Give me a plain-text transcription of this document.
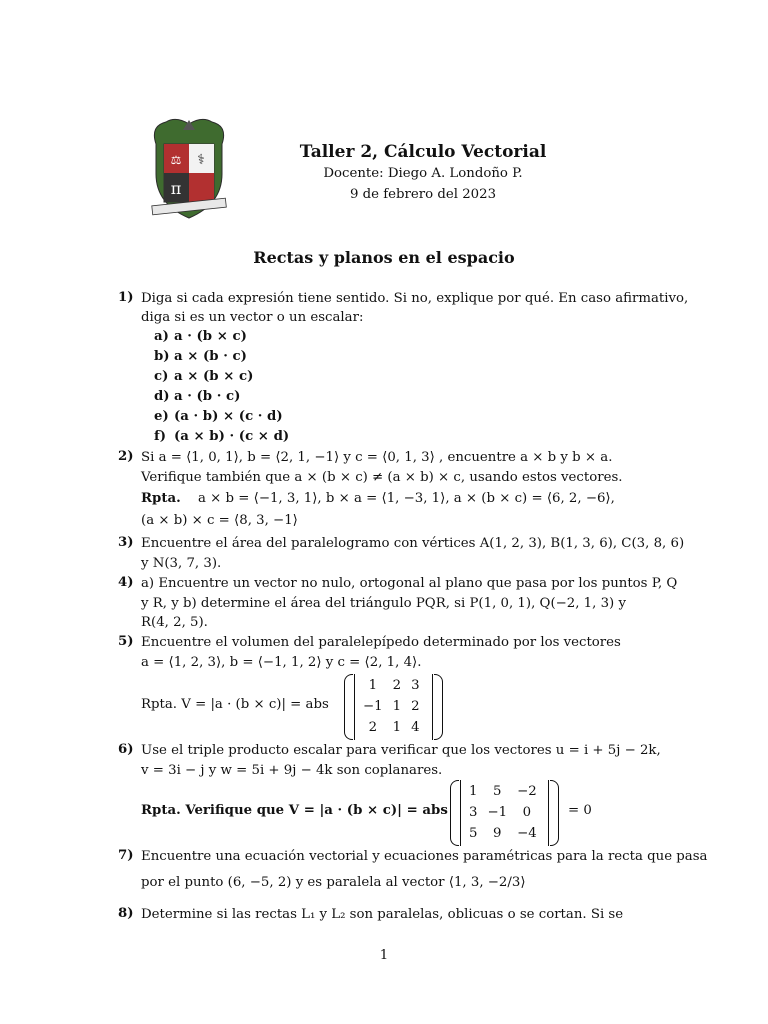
π
⚕
⚖	Taller 2, Cálculo Vectorial
Docente: Diego A. Londoño P.
9 de febrero del 2023
Rectas y planos en el espacio
1) Diga si cada expresión tiene sentido. Si no, explique por qué. En caso afirmativo,
diga si es un vector o un escalar:
a) a · (b × c)
b) a × (b · c)
c) a × (b × c)
d) a · (b · c)
e) (a · b) × (c · d)
f) (a × b) · (c × d)
2) Si a = ⟨1, 0, 1⟩, b = ⟨2, 1, −1⟩ y c = ⟨0, 1, 3⟩ , encuentre a × b y b × a.
Verifique también que a × (b × c) ≠ (a × b) × c, usando estos vectores.
Rpta. a × b = ⟨−1, 3, 1⟩, b × a = ⟨1, −3, 1⟩, a × (b × c) = ⟨6, 2, −6⟩,
(a × b) × c = ⟨8, 3, −1⟩
3) Encuentre el área del paralelogramo con vértices A(1, 2, 3), B(1, 3, 6), C(3, 8, 6)
y N(3, 7, 3).
4) a) Encuentre un vector no nulo, ortogonal al plano que pasa por los puntos P, Q
y R, y b) determine el área del triángulo PQR, si P(1, 0, 1), Q(−2, 1, 3) y
R(4, 2, 5).
5) Encuentre el volumen del paralelepípedo determinado por los vectores
a = ⟨1, 2, 3⟩, b = ⟨−1, 1, 2⟩ y c = ⟨2, 1, 4⟩.
Rpta. V = |a · (b × c)| = abs
1	2	3
−1	1	2
2	1	4
6) Use el triple producto escalar para verificar que los vectores u = i + 5j − 2k,
v = 3i − j y w = 5i + 9j − 4k son coplanares.
Rpta. Verifique que V = |a · (b × c)| = abs
1	5	−2
3	−1	0
5	9	−4
= 0
7) Encuentre una ecuación vectorial y ecuaciones paramétricas para la recta que pasa
por el punto (6, −5, 2) y es paralela al vector ⟨1, 3, −2/3⟩
8) Determine si las rectas L₁ y L₂ son paralelas, oblicuas o se cortan. Si se
1
